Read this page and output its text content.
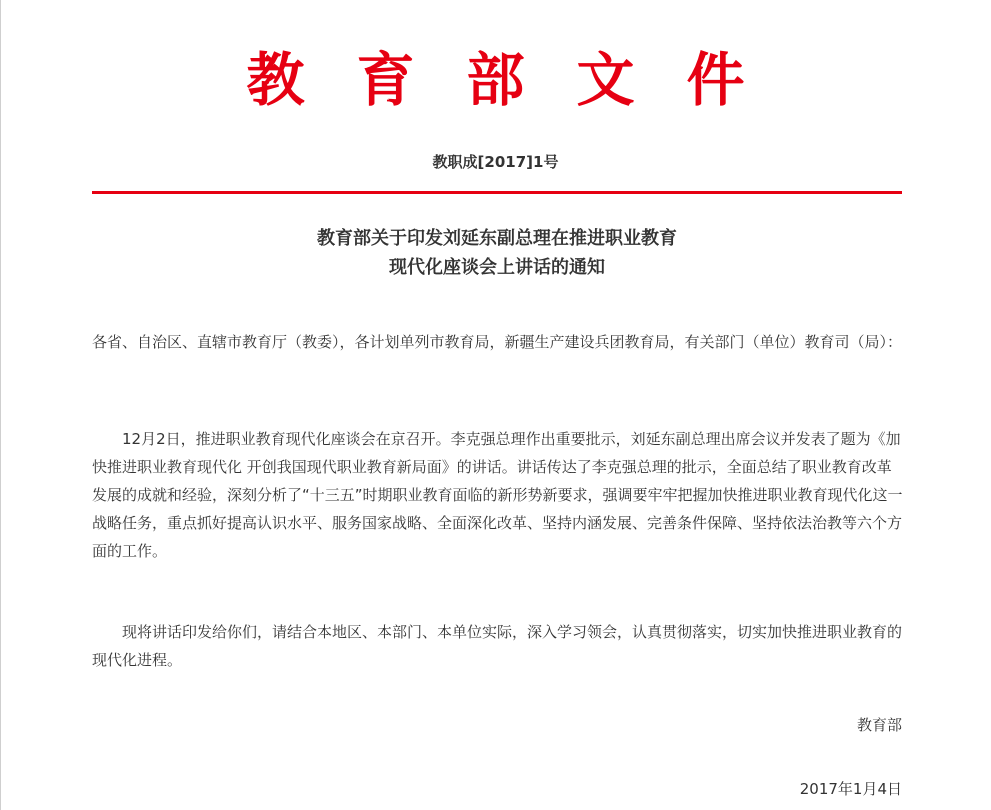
教育部文件
教职成[2017]1号
教育部关于印发刘延东副总理在推进职业教育
现代化座谈会上讲话的通知
各省、自治区、直辖市教育厅（教委），各计划单列市教育局，新疆生产建设兵团教育局，有关部门（单位）教育司（局）：
12月2日，推进职业教育现代化座谈会在京召开。李克强总理作出重要批示，刘延东副总理出席会议并发表了题为《加快推进职业教育现代化 开创我国现代职业教育新局面》的讲话。讲话传达了李克强总理的批示，全面总结了职业教育改革发展的成就和经验，深刻分析了“十三五”时期职业教育面临的新形势新要求，强调要牢牢把握加快推进职业教育现代化这一战略任务，重点抓好提高认识水平、服务国家战略、全面深化改革、坚持内涵发展、完善条件保障、坚持依法治教等六个方面的工作。
现将讲话印发给你们，请结合本地区、本部门、本单位实际，深入学习领会，认真贯彻落实，切实加快推进职业教育的现代化进程。
教育部
2017年1月4日
